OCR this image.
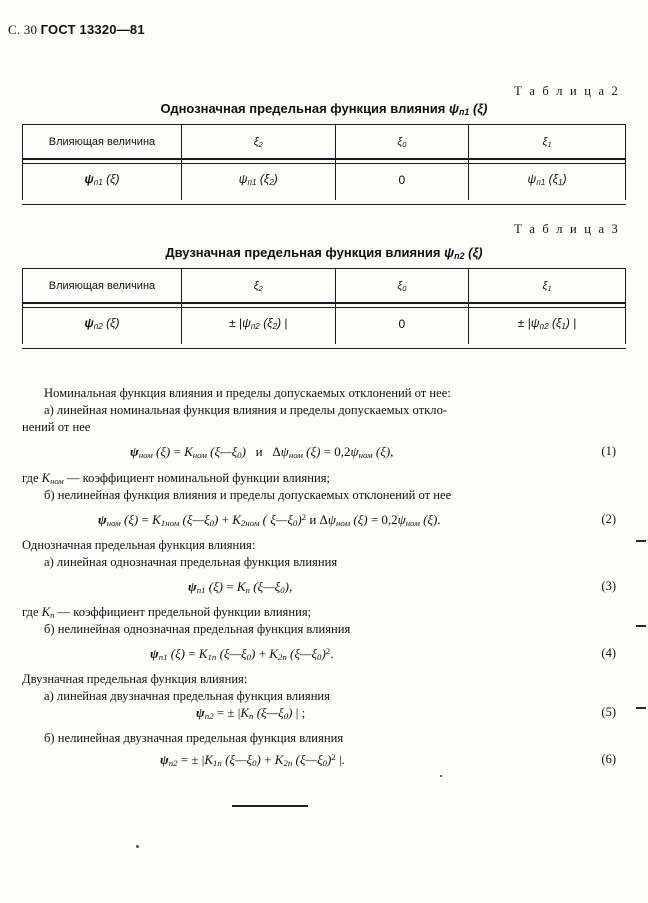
С. 30 ГОСТ 13320—81
Т а б л и ц а 2
Однозначная предельная функция влияния $\psi_{п1}$ (ξ)
Влияющая величина	$\xi_2$	$\xi_0$	$\xi_1$
$\psi_{п1}$ (ξ)	$\psi_{п1}$ $(\xi_2)$	0	$\psi_{п1}$ $(\xi_1)$
Т а б л и ц а 3
Двузначная предельная функция влияния $\psi_{п2}$ (ξ)
Влияющая величина	$\xi_2$	$\xi_0$	$\xi_1$
$\psi_{п2}$ (ξ)	± $|\psi_{п2}$ $(\xi_2)$ |	0	± $|\psi_{п2}$ $(\xi_1)$ |
Номинальная функция влияния и пределы допускаемых отклонений от нее:
а) линейная номинальная функция влияния и пределы допускаемых откло-
нений от нее
$\psi_{ном}$ $(\xi) = K_{ном}$ $(\xi—\xi_0)$   и   $\Delta\psi_{ном}$ $(\xi) = 0,2\psi_{ном}$ (ξ),	(1)
где $K_{ном}$ — коэффициент номинальной функции влияния;
б) нелинейная функция влияния и пределы допускаемых отклонений от нее
$\psi_{ном}$ $(\xi) = K_{1ном}$ $(\xi—\xi_0) + K_{2ном}$ ( $\xi—\xi_0)^2$ и $\Delta\psi_{ном}$ $(\xi) = 0,2\psi_{ном}$ (ξ).	(2)
Однозначная предельная функция влияния:
а) линейная однозначная предельная функция влияния
$\psi_{п1}$ $(\xi) = K_п$ $(\xi—\xi_0)$,	(3)
где $K_п$ — коэффициент предельной функции влияния;
б) нелинейная однозначная предельная функция влияния
$\psi_{п1}$ $(\xi) = K_{1п}$ $(\xi—\xi_0) + K_{2п}$ $(\xi—\xi_0)^2$.	(4)
Двузначная предельная функция влияния:
а) линейная двузначная предельная функция влияния
$\psi_{п2}$ = ± $|K_п$ $(\xi—\xi_0)$ | ;	(5)
б) нелинейная двузначная предельная функция влияния
$\psi_{п2}$ = ± $|K_{1п}$ $(\xi—\xi_0) + K_{2п}$ $(\xi—\xi_0)^2$ |.	(6)
